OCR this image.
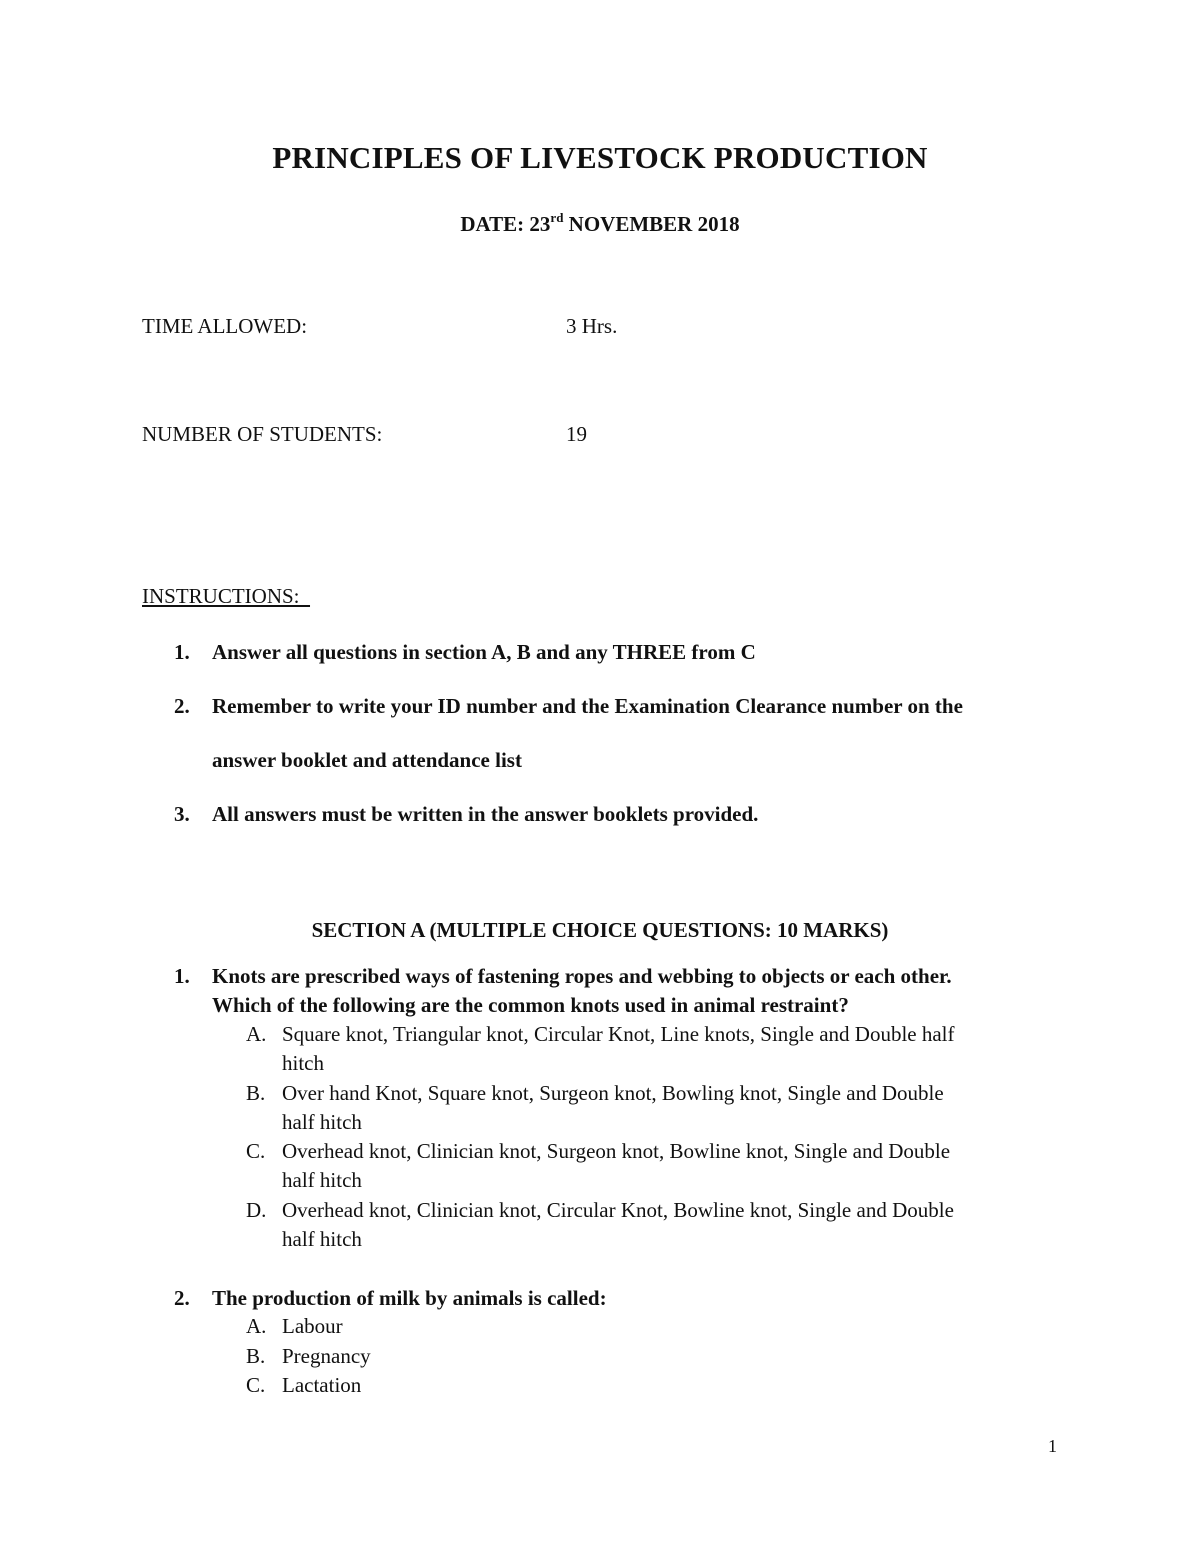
PRINCIPLES OF LIVESTOCK PRODUCTION
DATE: 23rd NOVEMBER 2018
TIME ALLOWED:	3 Hrs.
NUMBER OF STUDENTS:	19
INSTRUCTIONS:
1. Answer all questions in section A, B and any THREE from C
2. Remember to write your ID number and the Examination Clearance number on the
answer booklet and attendance list
3. All answers must be written in the answer booklets provided.
SECTION A (MULTIPLE CHOICE QUESTIONS: 10 MARKS)
1. Knots are prescribed ways of fastening ropes and webbing to objects or each other.
Which of the following are the common knots used in animal restraint?
A. Square knot, Triangular knot, Circular Knot, Line knots, Single and Double half
hitch
B. Over hand Knot, Square knot, Surgeon knot, Bowling knot, Single and Double
half hitch
C. Overhead knot, Clinician knot, Surgeon knot, Bowline knot, Single and Double
half hitch
D. Overhead knot, Clinician knot, Circular Knot, Bowline knot, Single and Double
half hitch
2. The production of milk by animals is called:
A. Labour
B. Pregnancy
C. Lactation
1
